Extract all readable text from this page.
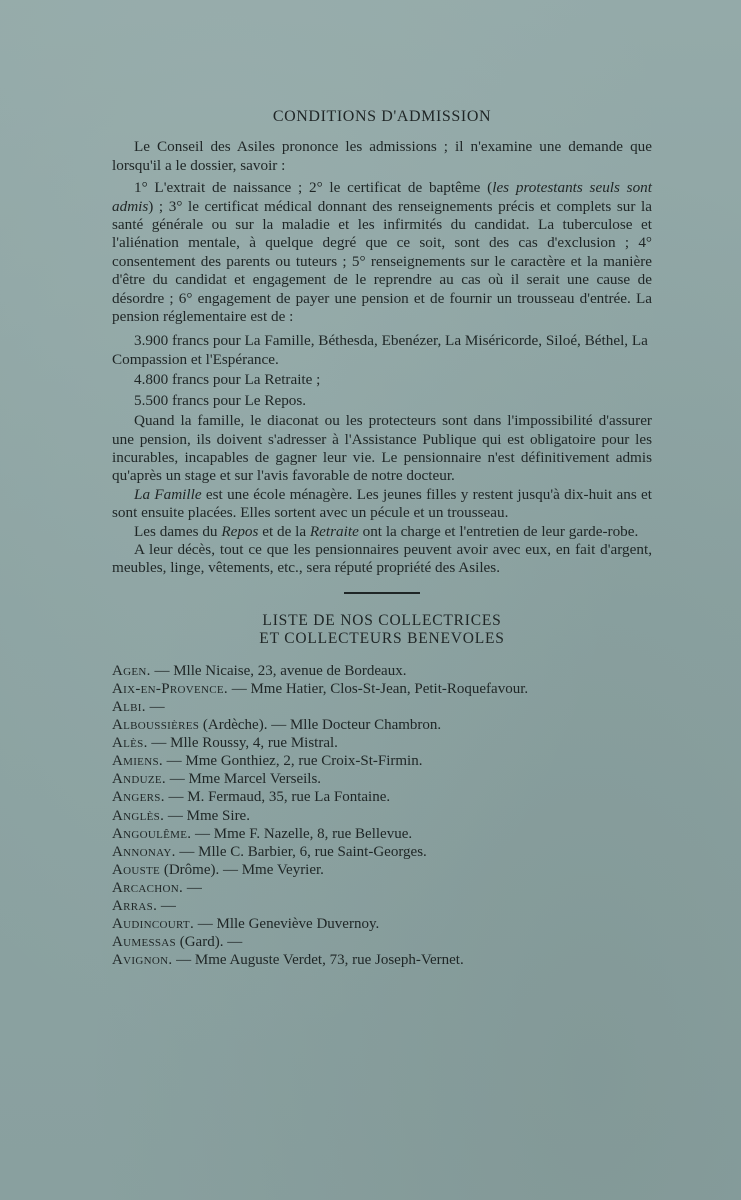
CONDITIONS D'ADMISSION

Le Conseil des Asiles prononce les admissions ; il n'examine une demande que lorsqu'il a le dossier, savoir :

1° L'extrait de naissance ; 2° le certificat de baptême (les protestants seuls sont admis) ; 3° le certificat médical donnant des renseignements précis et complets sur la santé générale ou sur la maladie et les infirmités du candidat. La tuberculose et l'aliénation mentale, à quelque degré que ce soit, sont des cas d'exclusion ; 4° consentement des parents ou tuteurs ; 5° renseignements sur le caractère et la manière d'être du candidat et engagement de le reprendre au cas où il serait une cause de désordre ; 6° engagement de payer une pension et de fournir un trousseau d'entrée. La pension réglementaire est de :

3.900 francs pour La Famille, Béthesda, Ebenézer, La Miséricorde, Siloé, Béthel, La Compassion et l'Espérance.

4.800 francs pour La Retraite ;

5.500 francs pour Le Repos.

Quand la famille, le diaconat ou les protecteurs sont dans l'impossibilité d'assurer une pension, ils doivent s'adresser à l'Assistance Publique qui est obligatoire pour les incurables, incapables de gagner leur vie. Le pensionnaire n'est définitivement admis qu'après un stage et sur l'avis favorable de notre docteur.

La Famille est une école ménagère. Les jeunes filles y restent jusqu'à dix-huit ans et sont ensuite placées. Elles sortent avec un pécule et un trousseau.

Les dames du Repos et de la Retraite ont la charge et l'entretien de leur garde-robe.

A leur décès, tout ce que les pensionnaires peuvent avoir avec eux, en fait d'argent, meubles, linge, vêtements, etc., sera réputé propriété des Asiles.

LISTE DE NOS COLLECTRICES
ET COLLECTEURS BENEVOLES
Agen. — Mlle Nicaise, 23, avenue de Bordeaux.
Aix-en-Provence. — Mme Hatier, Clos-St-Jean, Petit-Roquefavour.
Albi. —
Alboussières (Ardèche). — Mlle Docteur Chambron.
Alès. — Mlle Roussy, 4, rue Mistral.
Amiens. — Mme Gonthiez, 2, rue Croix-St-Firmin.
Anduze. — Mme Marcel Verseils.
Angers. — M. Fermaud, 35, rue La Fontaine.
Anglès. — Mme Sire.
Angoulême. — Mme F. Nazelle, 8, rue Bellevue.
Annonay. — Mlle C. Barbier, 6, rue Saint-Georges.
Aouste (Drôme). — Mme Veyrier.
Arcachon. —
Arras. —
Audincourt. — Mlle Geneviève Duvernoy.
Aumessas (Gard). —
Avignon. — Mme Auguste Verdet, 73, rue Joseph-Vernet.
